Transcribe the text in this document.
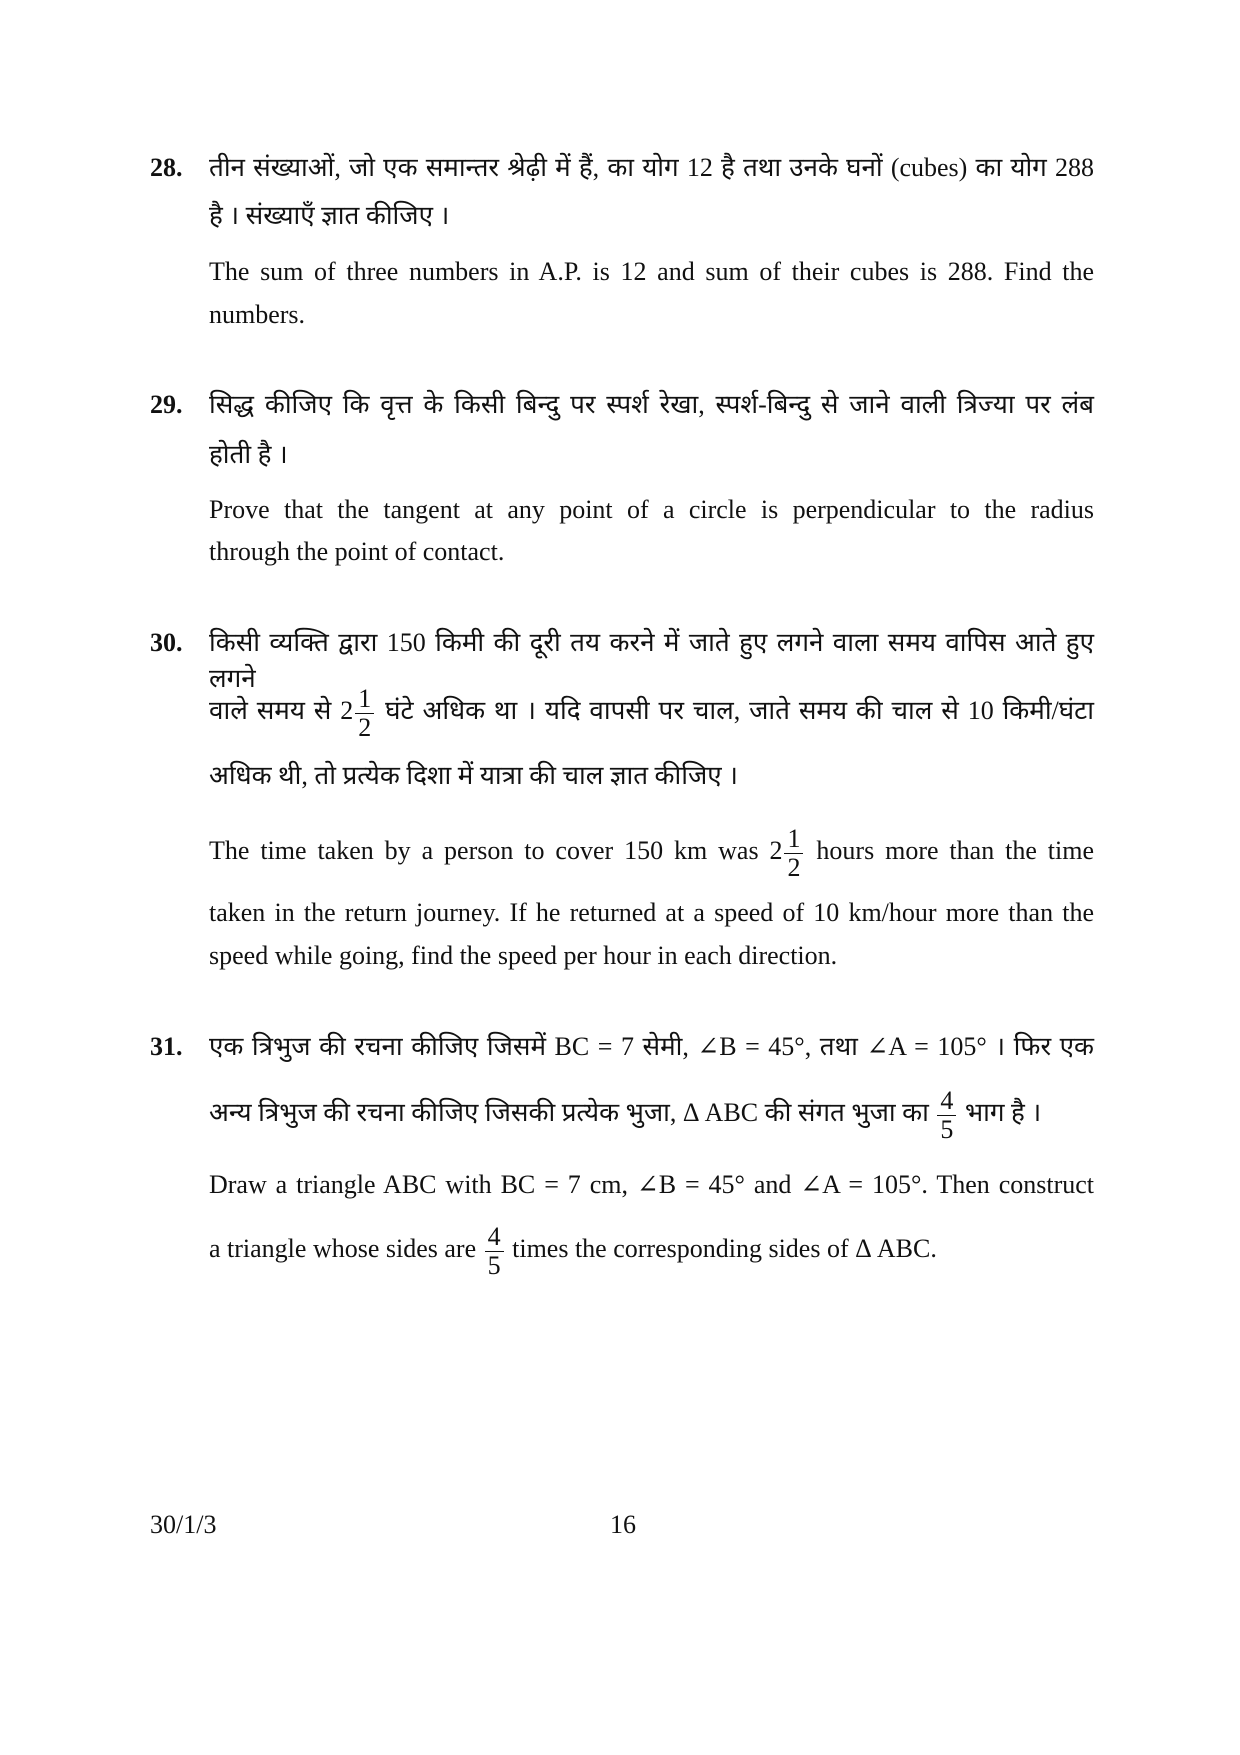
28. तीन संख्याओं, जो एक समान्तर श्रेढ़ी में हैं, का योग 12 है तथा उनके घनों (cubes) का योग 288
है । संख्याएँ ज्ञात कीजिए ।
The sum of three numbers in A.P. is 12 and sum of their cubes is 288. Find the
numbers.
29. सिद्ध कीजिए कि वृत्त के किसी बिन्दु पर स्पर्श रेखा, स्पर्श-बिन्दु से जाने वाली त्रिज्या पर लंब
होती है ।
Prove that the tangent at any point of a circle is perpendicular to the radius
through the point of contact.
30. किसी व्यक्ति द्वारा 150 किमी की दूरी तय करने में जाते हुए लगने वाला समय वापिस आते हुए लगने
वाले समय से $2 \frac{1}{2}$ घंटे अधिक था । यदि वापसी पर चाल, जाते समय की चाल से 10 किमी/घंटा
अधिक थी, तो प्रत्येक दिशा में यात्रा की चाल ज्ञात कीजिए ।
The time taken by a person to cover 150 km was $2 \frac{1}{2}$ hours more than the time
taken in the return journey. If he returned at a speed of 10 km/hour more than the
speed while going, find the speed per hour in each direction.
31. एक त्रिभुज की रचना कीजिए जिसमें BC = 7 सेमी, ∠B = 45°, तथा ∠A = 105° । फिर एक
अन्य त्रिभुज की रचना कीजिए जिसकी प्रत्येक भुजा, Δ ABC की संगत भुजा का $\frac{4}{5}$ भाग है ।
Draw a triangle ABC with BC = 7 cm, ∠B = 45° and ∠A = 105°. Then construct
a triangle whose sides are $\frac{4}{5}$ times the corresponding sides of Δ ABC.
30/1/3	16
